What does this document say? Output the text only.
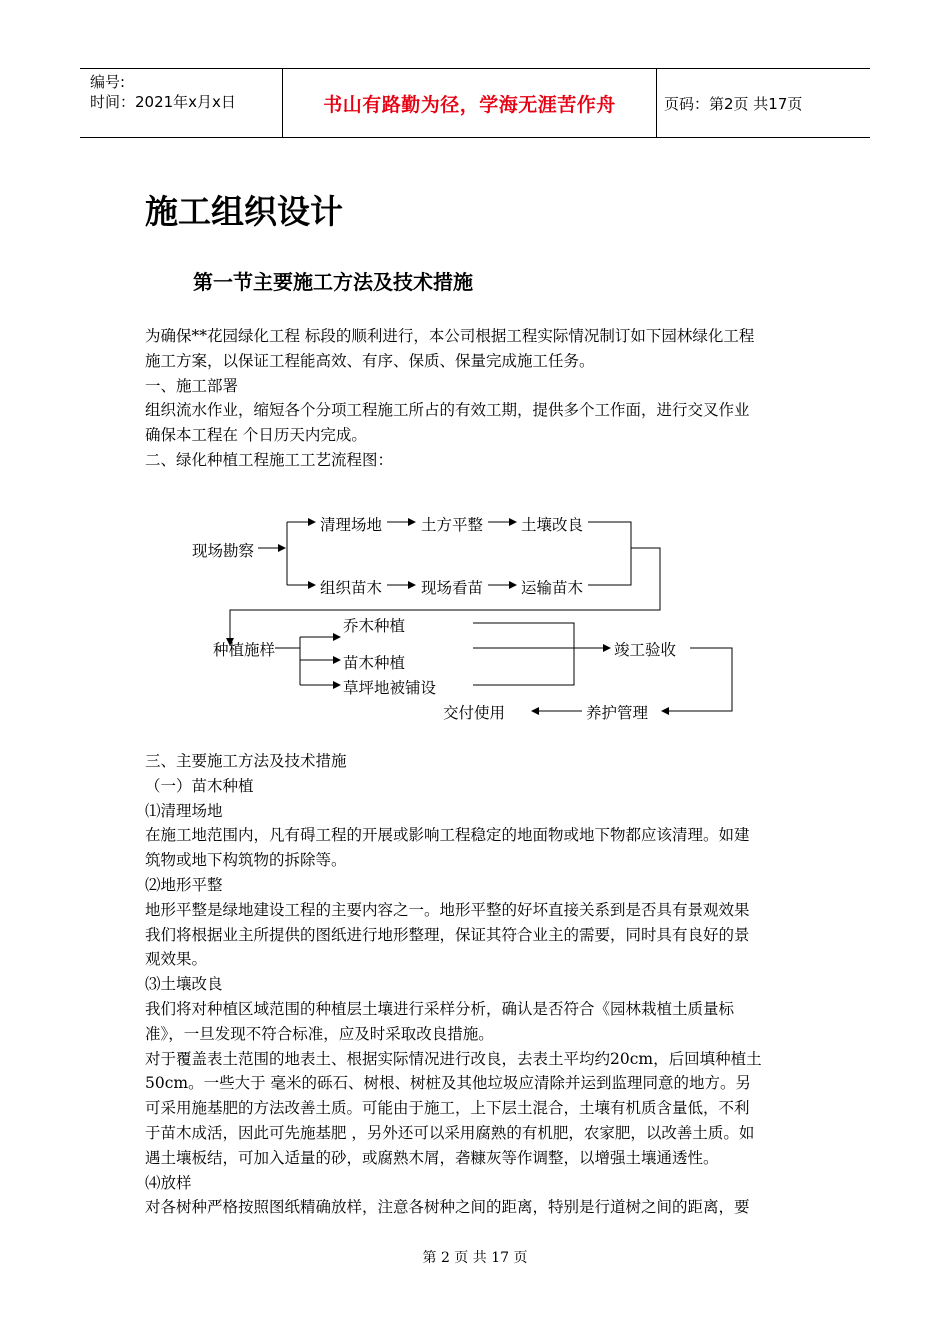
编号:
时间：2021年x月x日	书山有路勤为径，学海无涯苦作舟	页码：第2页 共17页
施工组织设计
第一节主要施工方法及技术措施
为确保**花园绿化工程 标段的顺利进行，本公司根据工程实际情况制订如下园林绿化工程
施工方案，以保证工程能高效、有序、保质、保量完成施工任务。
一、施工部署
组织流水作业，缩短各个分项工程施工所占的有效工期，提供多个工作面，进行交叉作业
确保本工程在 个日历天内完成。
二、绿化种植工程施工工艺流程图：
现场勘察
清理场地	土方平整 土壤改良
组织苗木	现场看苗 运输苗木
种植施样
乔木种植
苗木种植
草坪地被铺设
竣工验收
养护管理
交付使用
三、主要施工方法及技术措施
（一）苗木种植
⑴清理场地
在施工地范围内，凡有碍工程的开展或影响工程稳定的地面物或地下物都应该清理。如建
筑物或地下构筑物的拆除等。
⑵地形平整
地形平整是绿地建设工程的主要内容之一。地形平整的好坏直接关系到是否具有景观效果
我们将根据业主所提供的图纸进行地形整理，保证其符合业主的需要，同时具有良好的景
观效果。
⑶土壤改良
我们将对种植区域范围的种植层土壤进行采样分析，确认是否符合《园林栽植土质量标
准》，一旦发现不符合标准，应及时采取改良措施。
对于覆盖表土范围的地表土、根据实际情况进行改良，去表土平均约20cm，后回填种植土
50cm。一些大于 毫米的砾石、树根、树桩及其他垃圾应清除并运到监理同意的地方。另
可采用施基肥的方法改善土质。可能由于施工，上下层土混合，土壤有机质含量低，不利
于苗木成活，因此可先施基肥 ，另外还可以采用腐熟的有机肥，农家肥，以改善土质。如
遇土壤板结，可加入适量的砂，或腐熟木屑，砻糠灰等作调整，以增强土壤通透性。
⑷放样
对各树种严格按照图纸精确放样，注意各树种之间的距离，特别是行道树之间的距离，要
第 2 页 共 17 页
